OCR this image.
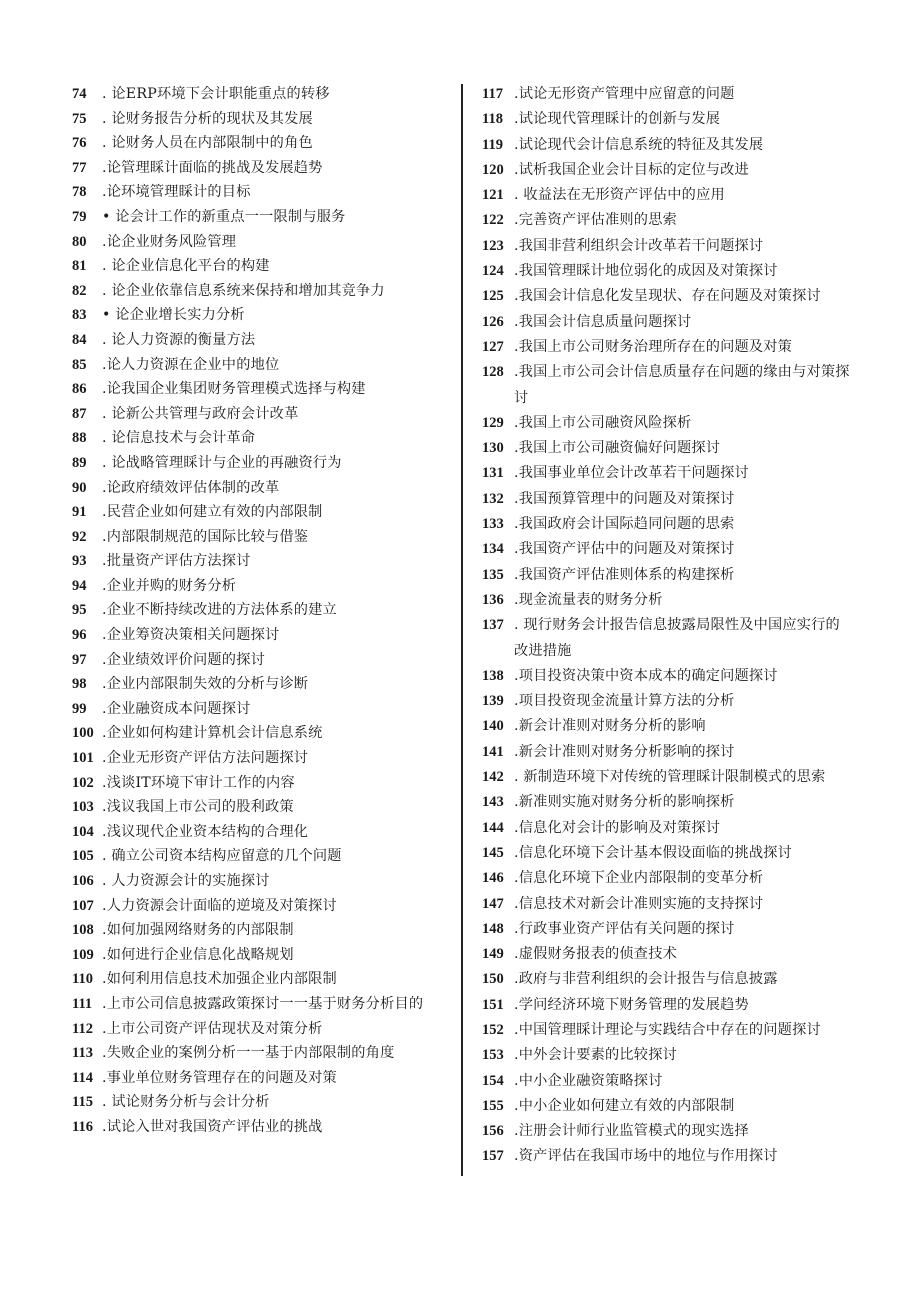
74	. 论ERP环境下会计职能重点的转移
75	. 论财务报告分析的现状及其发展
76	. 论财务人员在内部限制中的角色
77	.论管理睬计面临的挑战及发展趋势
78	.论环境管理睬计的目标
79	• 论会计工作的新重点一一限制与服务
80	.论企业财务风险管理
81	. 论企业信息化平台的构建
82	. 论企业依靠信息系统来保持和增加其竞争力
83	• 论企业增长实力分析
84	. 论人力资源的衡量方法
85	.论人力资源在企业中的地位
86	.论我国企业集团财务管理模式选择与构建
87	. 论新公共管理与政府会计改革
88	. 论信息技术与会计革命
89	. 论战略管理睬计与企业的再融资行为
90	.论政府绩效评估体制的改革
91	.民营企业如何建立有效的内部限制
92	.内部限制规范的国际比较与借鉴
93	.批量资产评估方法探讨
94	.企业并购的财务分析
95	.企业不断持续改进的方法体系的建立
96	.企业筹资决策相关问题探讨
97	.企业绩效评价问题的探讨
98	.企业内部限制失效的分析与诊断
99	.企业融资成本问题探讨
100 .企业如何构建计算机会计信息系统
101 .企业无形资产评估方法问题探讨
102 .浅谈IT环境下审计工作的内容
103 .浅议我国上市公司的股利政策
104 .浅议现代企业资本结构的合理化
105 . 确立公司资本结构应留意的几个问题
106 . 人力资源会计的实施探讨
107 .人力资源会计面临的逆境及对策探讨
108 .如何加强网络财务的内部限制
109 .如何进行企业信息化战略规划
110 .如何利用信息技术加强企业内部限制
111 .上市公司信息披露政策探讨一一基于财务分析目的
112 .上市公司资产评估现状及对策分析
113 .失败企业的案例分析一一基于内部限制的角度
114 .事业单位财务管理存在的问题及对策
115 . 试论财务分析与会计分析
116 .试论入世对我国资产评估业的挑战
117 .试论无形资产管理中应留意的问题
118 .试论现代管理睬计的创新与发展
119 .试论现代会计信息系统的特征及其发展
120 .试析我国企业会计目标的定位与改进
121 . 收益法在无形资产评估中的应用
122 .完善资产评估准则的思索
123 .我国非营利组织会计改革若干问题探讨
124 .我国管理睬计地位弱化的成因及对策探讨
125 .我国会计信息化发呈现状、存在问题及对策探讨
126 .我国会计信息质量问题探讨
127 .我国上市公司财务治理所存在的问题及对策
128 .我国上市公司会计信息质量存在问题的缘由与对策探讨
129 .我国上市公司融资风险探析
130 .我国上市公司融资偏好问题探讨
131 .我国事业单位会计改革若干问题探讨
132 .我国预算管理中的问题及对策探讨
133 .我国政府会计国际趋同问题的思索
134 .我国资产评估中的问题及对策探讨
135 .我国资产评估准则体系的构建探析
136 .现金流量表的财务分析
137 . 现行财务会计报告信息披露局限性及中国应实行的改进措施
138 .项目投资决策中资本成本的确定问题探讨
139 .项目投资现金流量计算方法的分析
140 .新会计准则对财务分析的影响
141 .新会计准则对财务分析影响的探讨
142 . 新制造环境下对传统的管理睬计限制模式的思索
143 .新准则实施对财务分析的影响探析
144 .信息化对会计的影响及对策探讨
145 .信息化环境下会计基本假设面临的挑战探讨
146 .信息化环境下企业内部限制的变革分析
147 .信息技术对新会计准则实施的支持探讨
148 .行政事业资产评估有关问题的探讨
149 .虚假财务报表的侦查技术
150 .政府与非营利组织的会计报告与信息披露
151 .学问经济环境下财务管理的发展趋势
152 .中国管理睬计理论与实践结合中存在的问题探讨
153 .中外会计要素的比较探讨
154 .中小企业融资策略探讨
155 .中小企业如何建立有效的内部限制
156 .注册会计师行业监管模式的现实选择
157 .资产评估在我国市场中的地位与作用探讨
